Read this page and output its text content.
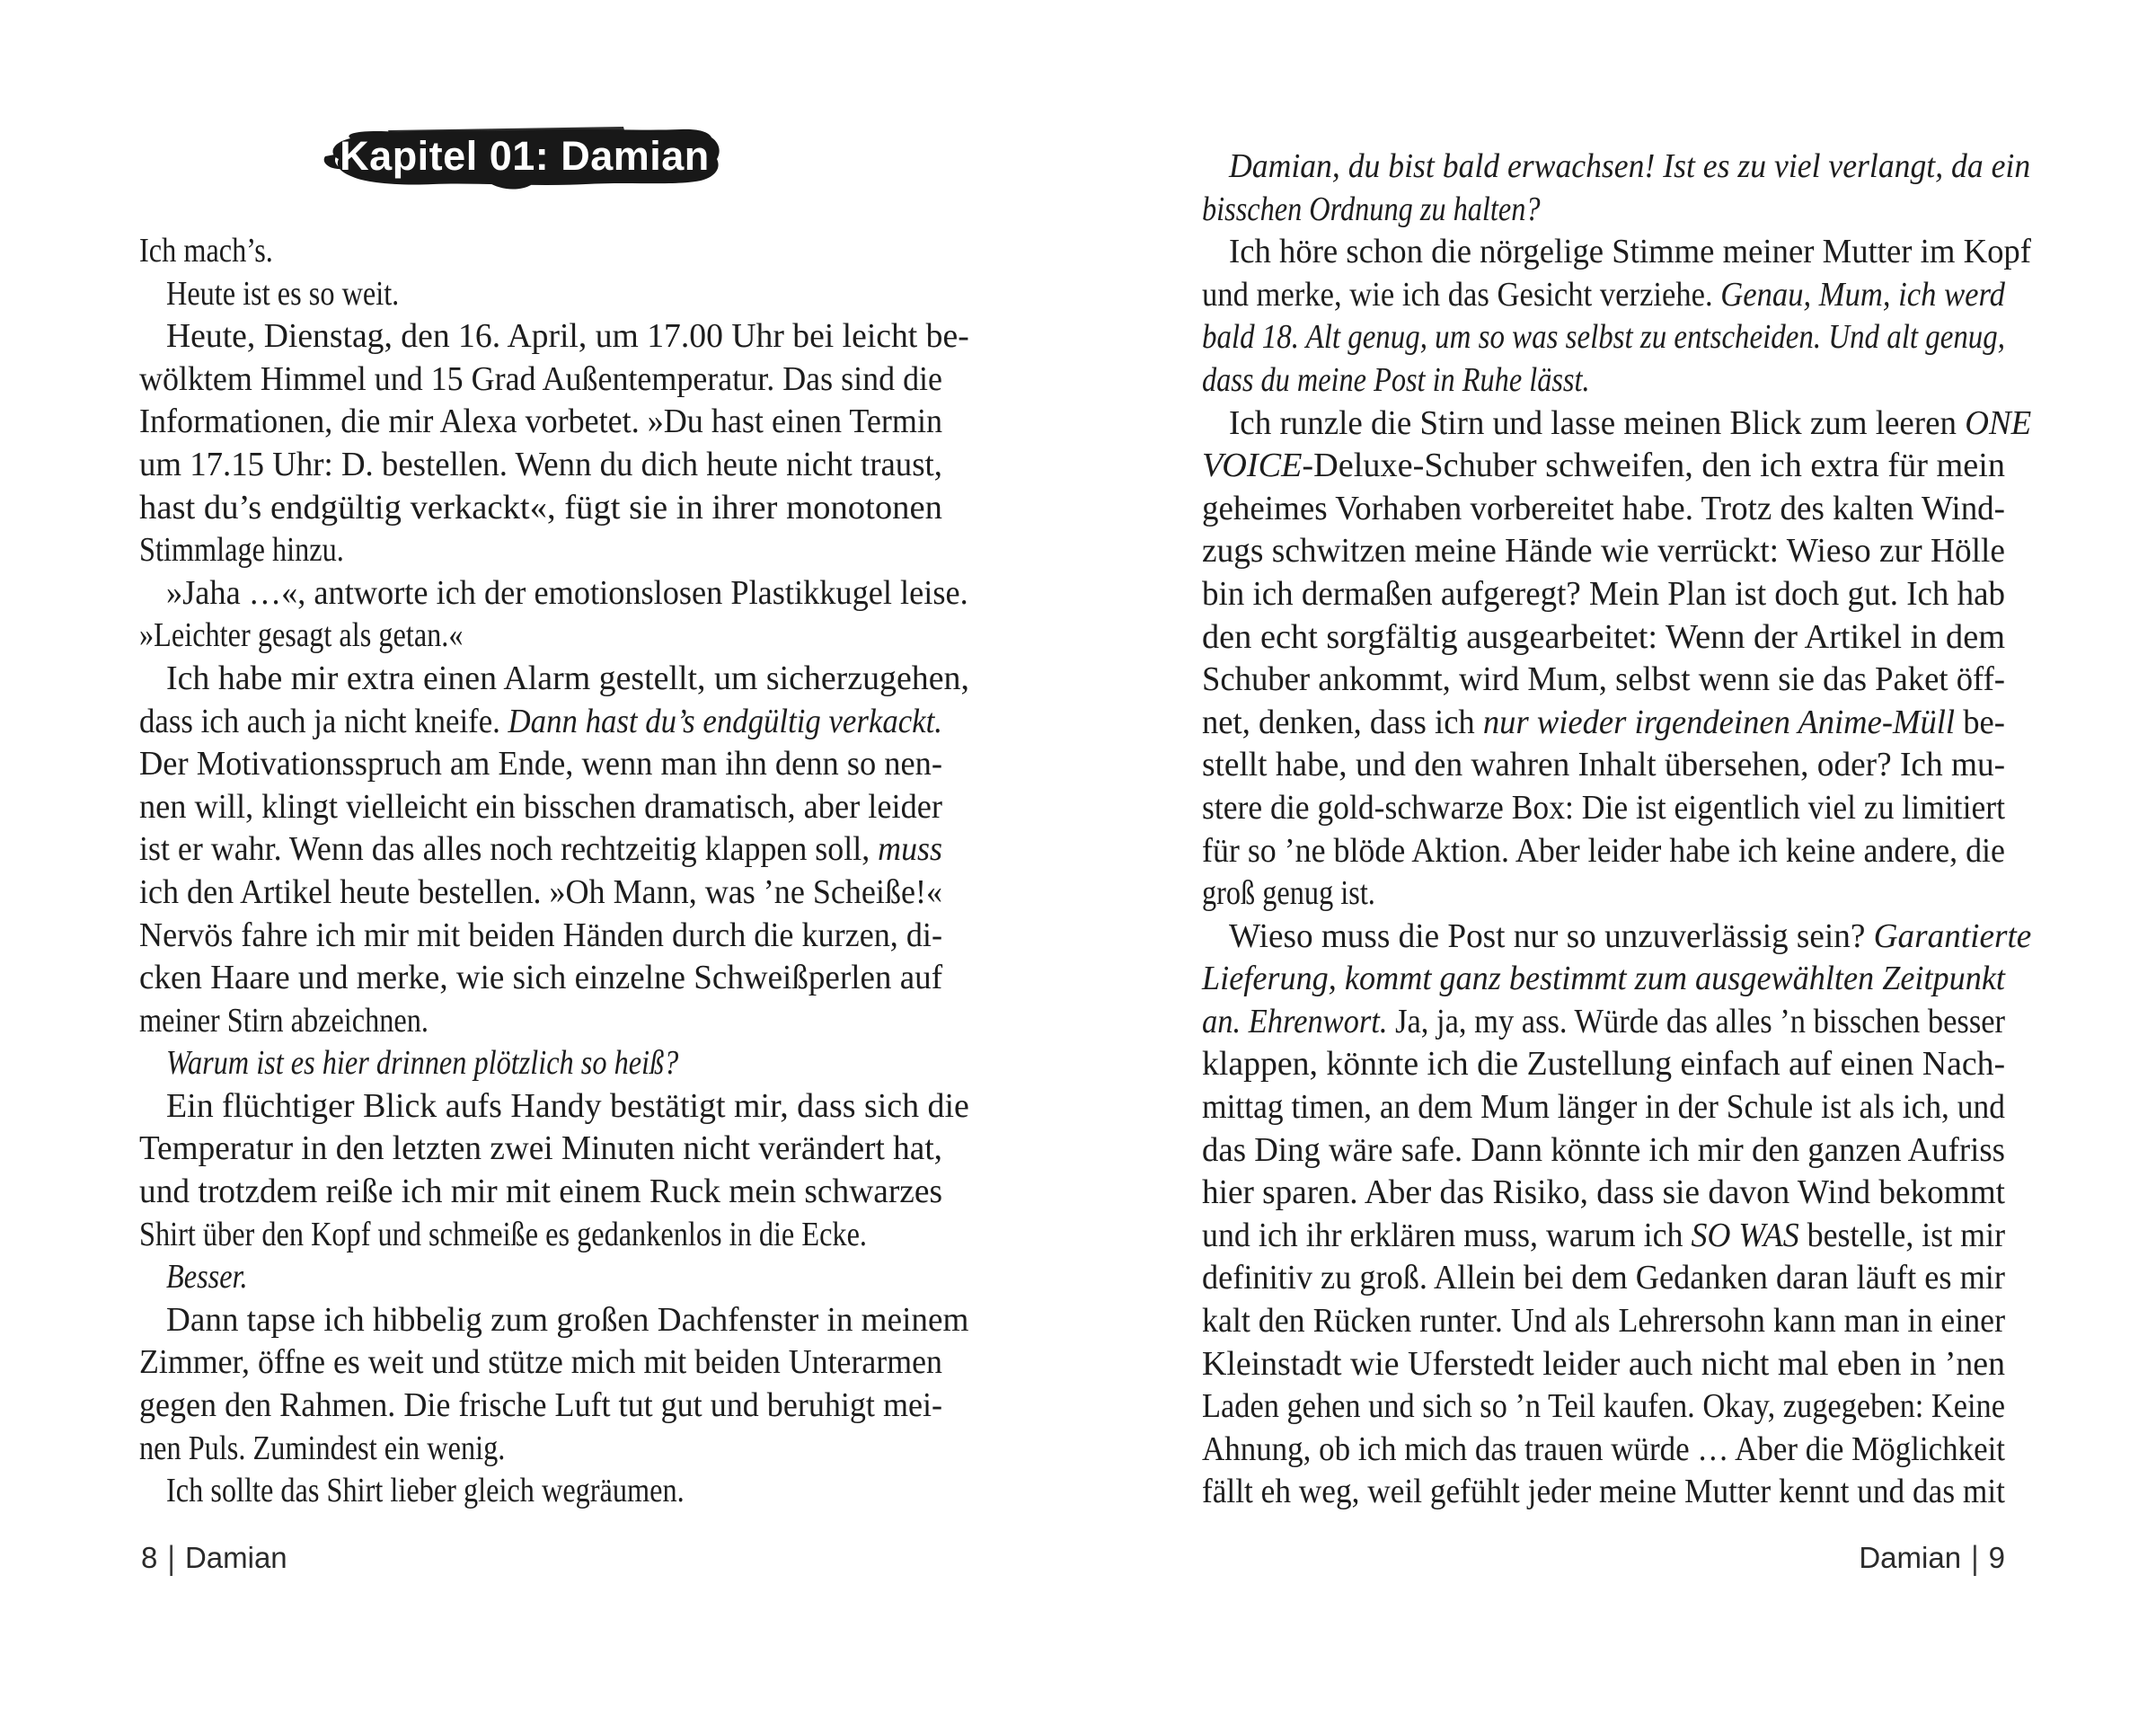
Kapitel 01: Damian
Ich mach’s.
Heute ist es so weit.
Heute, Dienstag, den 16. April, um 17.00 Uhr bei leicht be-
wölktem Himmel und 15 Grad Außentemperatur. Das sind die
Informationen, die mir Alexa vorbetet. »Du hast einen Termin
um 17.15 Uhr: D. bestellen. Wenn du dich heute nicht traust,
hast du’s endgültig verkackt«, fügt sie in ihrer monotonen
Stimmlage hinzu.
»Jaha …«, antworte ich der emotionslosen Plastikkugel leise.
»Leichter gesagt als getan.«
Ich habe mir extra einen Alarm gestellt, um sicherzugehen,
dass ich auch ja nicht kneife. Dann hast du’s endgültig verkackt.
Der Motivationsspruch am Ende, wenn man ihn denn so nen-
nen will, klingt vielleicht ein bisschen dramatisch, aber leider
ist er wahr. Wenn das alles noch rechtzeitig klappen soll, muss
ich den Artikel heute bestellen. »Oh Mann, was ’ne Scheiße!«
Nervös fahre ich mir mit beiden Händen durch die kurzen, di-
cken Haare und merke, wie sich einzelne Schweißperlen auf
meiner Stirn abzeichnen.
Warum ist es hier drinnen plötzlich so heiß?
Ein flüchtiger Blick aufs Handy bestätigt mir, dass sich die
Temperatur in den letzten zwei Minuten nicht verändert hat,
und trotzdem reiße ich mir mit einem Ruck mein schwarzes
Shirt über den Kopf und schmeiße es gedankenlos in die Ecke.
Besser.
Dann tapse ich hibbelig zum großen Dachfenster in meinem
Zimmer, öffne es weit und stütze mich mit beiden Unterarmen
gegen den Rahmen. Die frische Luft tut gut und beruhigt mei-
nen Puls. Zumindest ein wenig.
Ich sollte das Shirt lieber gleich wegräumen.
Damian, du bist bald erwachsen! Ist es zu viel verlangt, da ein
bisschen Ordnung zu halten?
Ich höre schon die nörgelige Stimme meiner Mutter im Kopf
und merke, wie ich das Gesicht verziehe. Genau, Mum, ich werd
bald 18. Alt genug, um so was selbst zu entscheiden. Und alt genug,
dass du meine Post in Ruhe lässt.
Ich runzle die Stirn und lasse meinen Blick zum leeren ONE
VOICE-Deluxe-Schuber schweifen, den ich extra für mein
geheimes Vorhaben vorbereitet habe. Trotz des kalten Wind-
zugs schwitzen meine Hände wie verrückt: Wieso zur Hölle
bin ich dermaßen aufgeregt? Mein Plan ist doch gut. Ich hab
den echt sorgfältig ausgearbeitet: Wenn der Artikel in dem
Schuber ankommt, wird Mum, selbst wenn sie das Paket öff-
net, denken, dass ich nur wieder irgendeinen Anime-Müll be-
stellt habe, und den wahren Inhalt übersehen, oder? Ich mu-
stere die gold-schwarze Box: Die ist eigentlich viel zu limitiert
für so ’ne blöde Aktion. Aber leider habe ich keine andere, die
groß genug ist.
Wieso muss die Post nur so unzuverlässig sein? Garantierte
Lieferung, kommt ganz bestimmt zum ausgewählten Zeitpunkt
an. Ehrenwort. Ja, ja, my ass. Würde das alles ’n bisschen besser
klappen, könnte ich die Zustellung einfach auf einen Nach-
mittag timen, an dem Mum länger in der Schule ist als ich, und
das Ding wäre safe. Dann könnte ich mir den ganzen Aufriss
hier sparen. Aber das Risiko, dass sie davon Wind bekommt
und ich ihr erklären muss, warum ich SO WAS bestelle, ist mir
definitiv zu groß. Allein bei dem Gedanken daran läuft es mir
kalt den Rücken runter. Und als Lehrersohn kann man in einer
Kleinstadt wie Uferstedt leider auch nicht mal eben in ’nen
Laden gehen und sich so ’n Teil kaufen. Okay, zugegeben: Keine
Ahnung, ob ich mich das trauen würde … Aber die Möglichkeit
fällt eh weg, weil gefühlt jeder meine Mutter kennt und das mit
8 | Damian	Damian | 9
